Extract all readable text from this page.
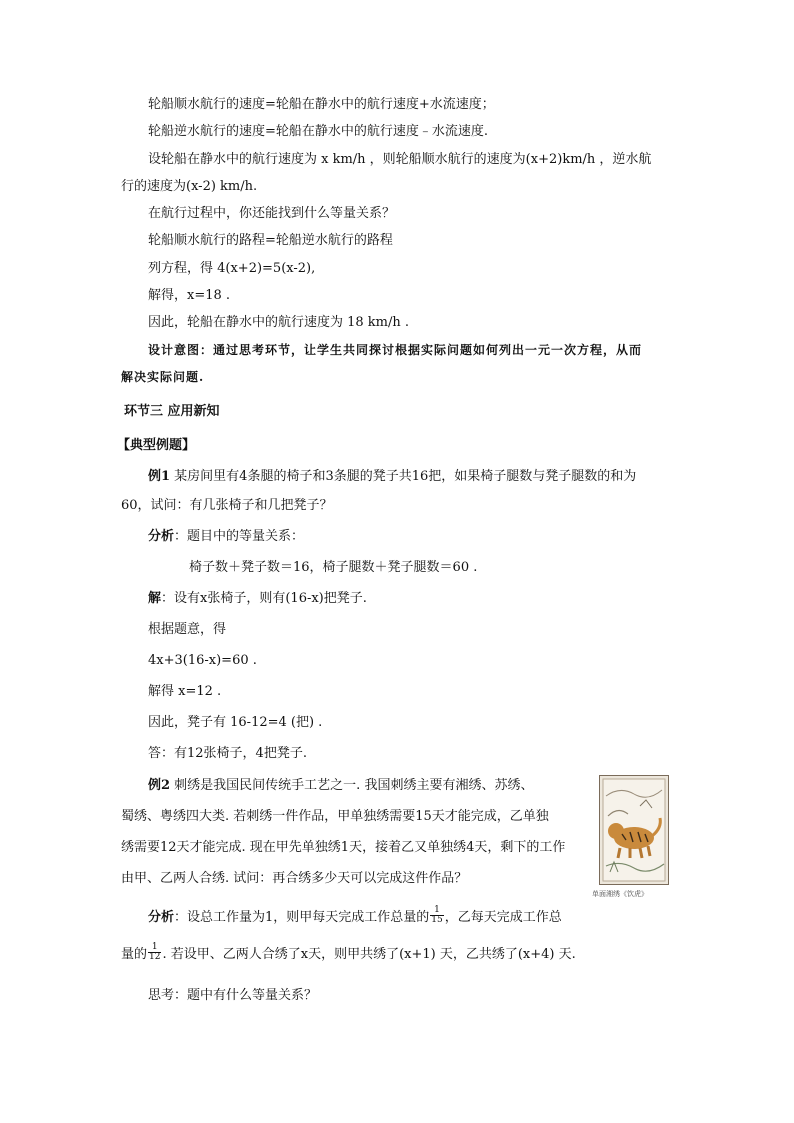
轮船顺水航行的速度=轮船在静水中的航行速度+水流速度；
轮船逆水航行的速度=轮船在静水中的航行速度﹣水流速度.
设轮船在静水中的航行速度为 x km/h ，则轮船顺水航行的速度为(x+2)km/h ，逆水航
行的速度为(x-2) km/h.
在航行过程中，你还能找到什么等量关系？
轮船顺水航行的路程=轮船逆水航行的路程
列方程，得 4(x+2)=5(x-2),
解得，x=18 .
因此，轮船在静水中的航行速度为 18 km/h .
设计意图：通过思考环节，让学生共同探讨根据实际问题如何列出一元一次方程，从而
解决实际问题.
环节三 应用新知
【典型例题】
例1 某房间里有4条腿的椅子和3条腿的凳子共16把，如果椅子腿数与凳子腿数的和为
60，试问：有几张椅子和几把凳子？
分析：题目中的等量关系：
椅子数＋凳子数＝16，椅子腿数＋凳子腿数＝60 .
解：设有x张椅子，则有(16-x)把凳子.
根据题意，得
4x+3(16-x)=60 .
解得 x=12 .
因此，凳子有 16-12=4 (把) .
答：有12张椅子，4把凳子.
例2 刺绣是我国民间传统手工艺之一. 我国刺绣主要有湘绣、苏绣、
蜀绣、粤绣四大类. 若刺绣一件作品，甲单独绣需要15天才能完成，乙单独
绣需要12天才能完成. 现在甲先单独绣1天，接着乙又单独绣4天，剩下的工作
由甲、乙两人合绣. 试问：再合绣多少天可以完成这件作品？
单面湘绣《饮虎》
分析：设总工作量为1，则甲每天完成工作总量的 $\frac{1}{15}$ ，乙每天完成工作总
量的 $\frac{1}{12}$ . 若设甲、乙两人合绣了x天，则甲共绣了(x+1) 天，乙共绣了(x+4) 天.
思考：题中有什么等量关系？
